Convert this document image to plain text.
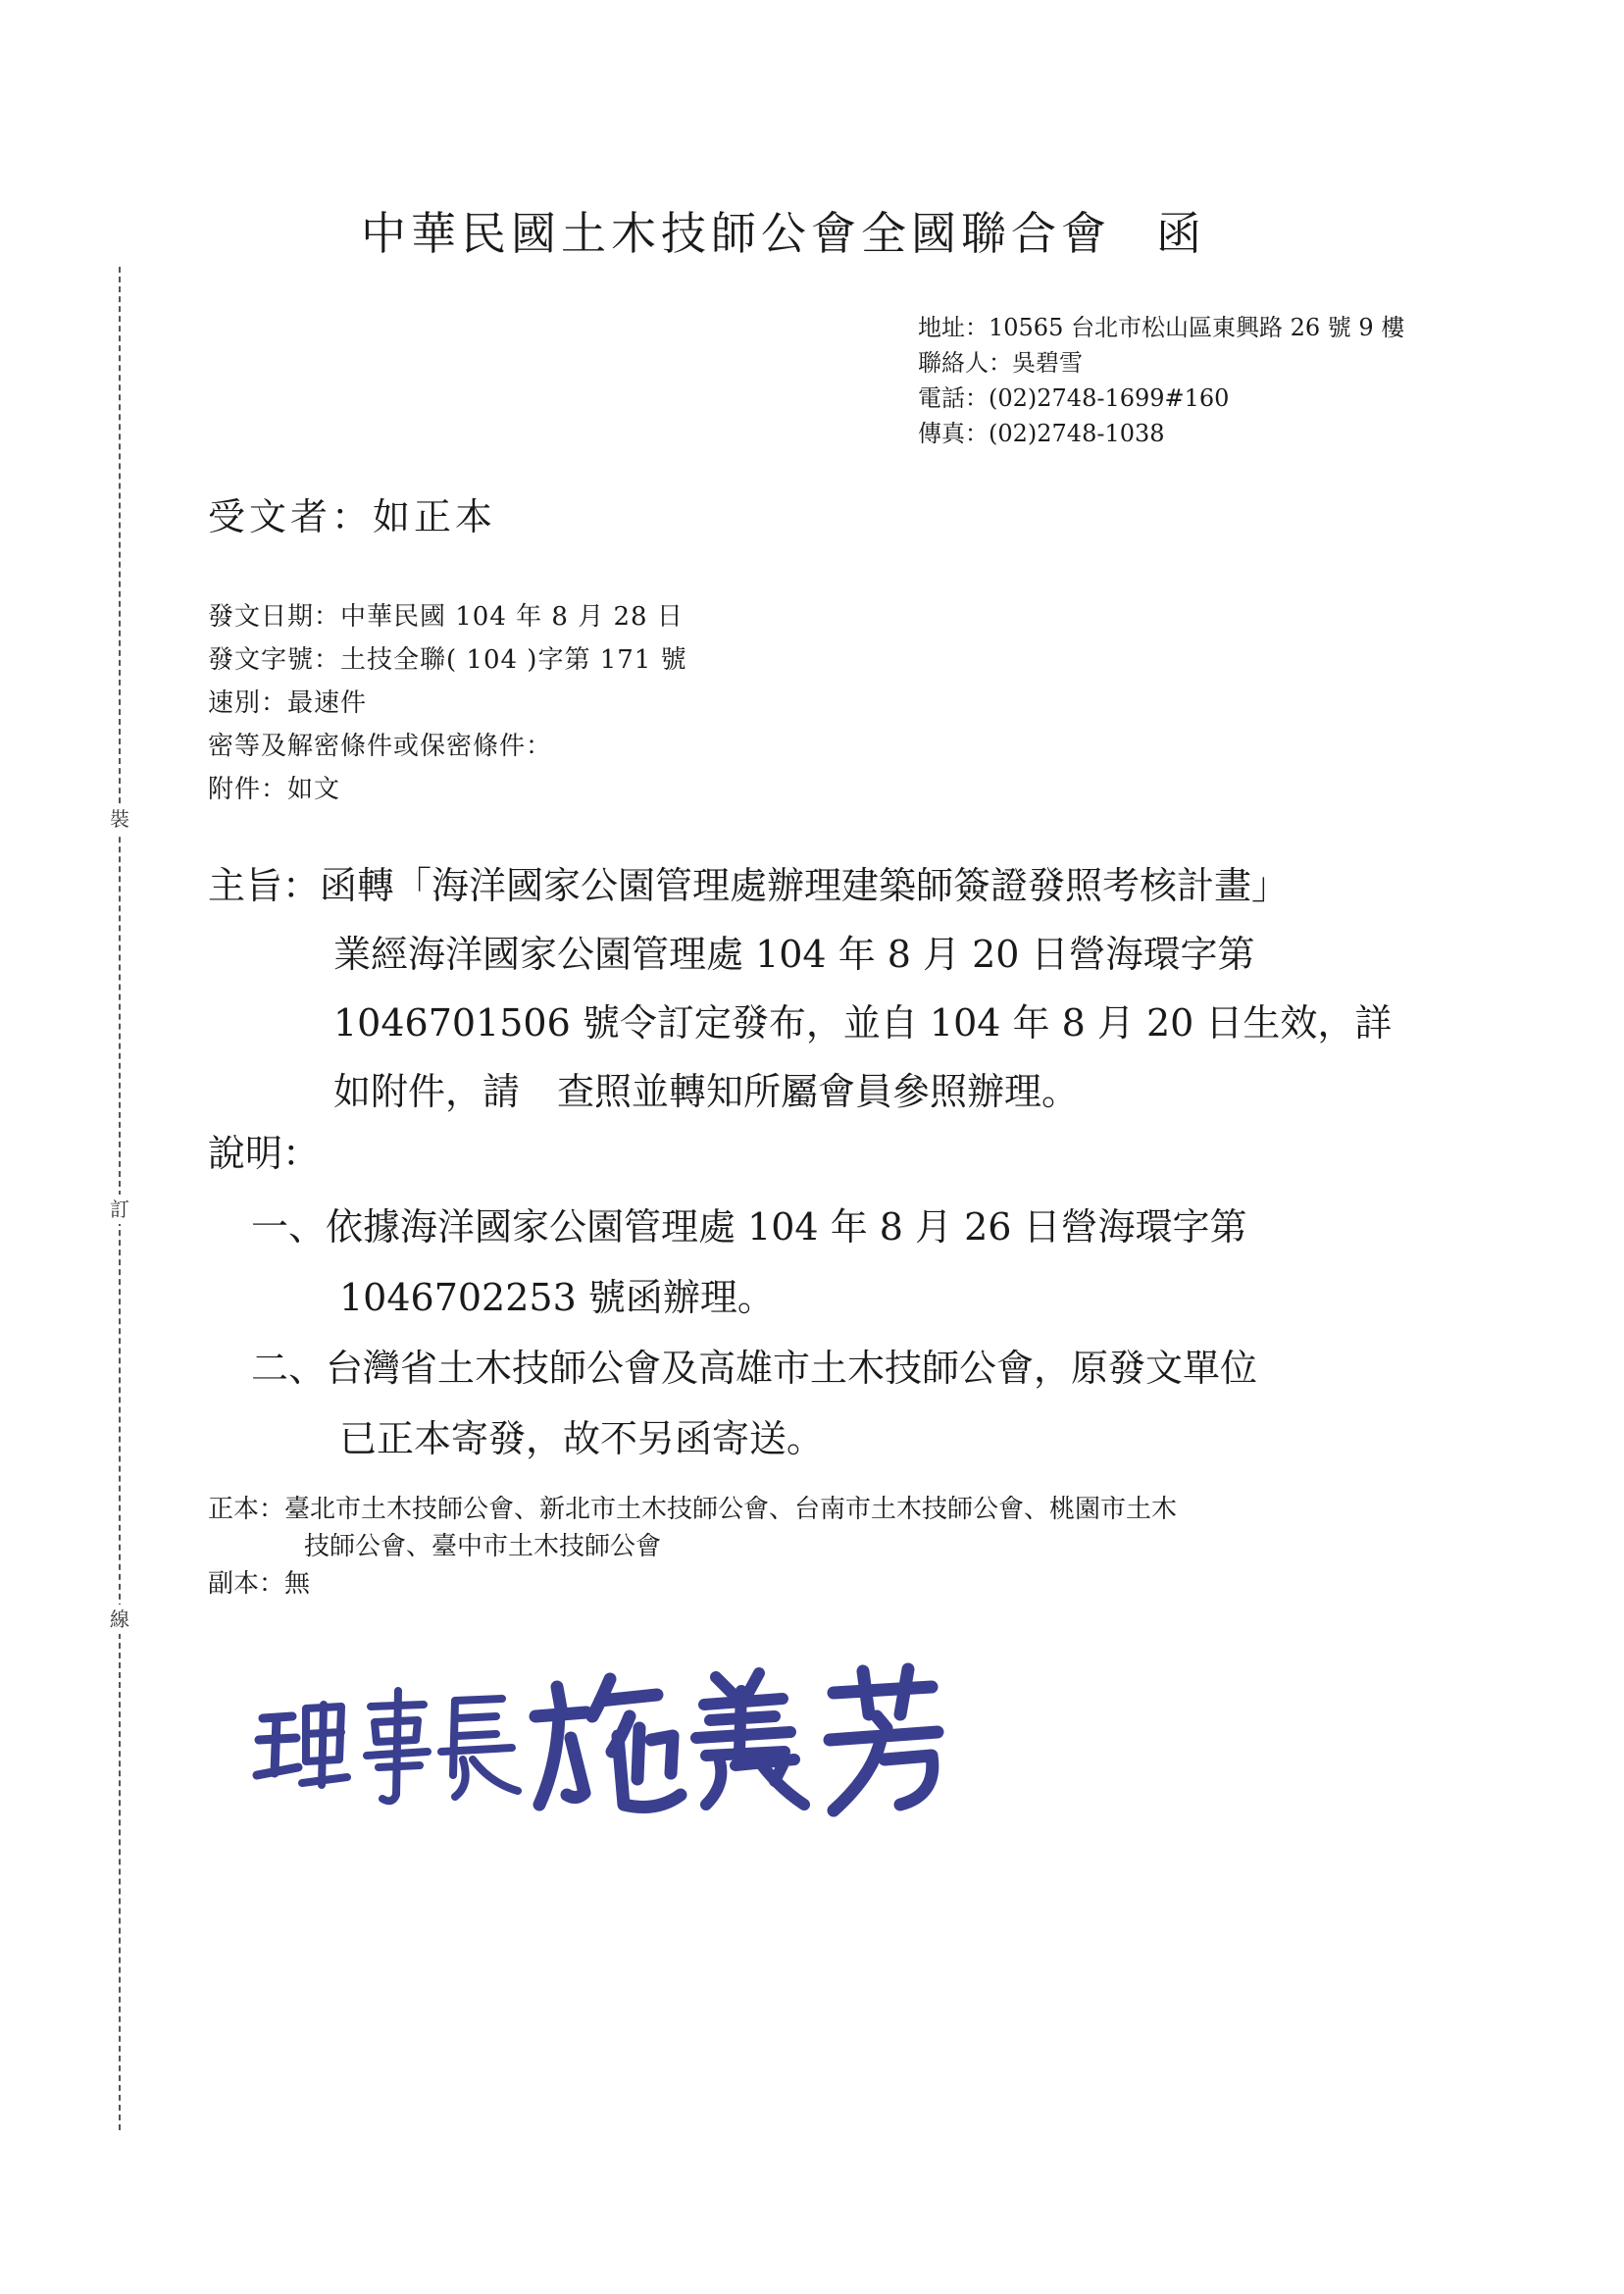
裝
訂
線
中華民國土木技師公會全國聯合會 函
地址：10565 台北市松山區東興路 26 號 9 樓
聯絡人：吳碧雪
電話：(02)2748-1699#160
傳真：(02)2748-1038
受文者：如正本
發文日期：中華民國 104 年 8 月 28 日
發文字號：土技全聯( 104 )字第 171 號
速別：最速件
密等及解密條件或保密條件：
附件：如文
主旨：函轉「海洋國家公園管理處辦理建築師簽證發照考核計畫」
業經海洋國家公園管理處 104 年 8 月 20 日營海環字第
1046701506 號令訂定發布，並自 104 年 8 月 20 日生效，詳
如附件，請　查照並轉知所屬會員參照辦理。
說明：
一、依據海洋國家公園管理處 104 年 8 月 26 日營海環字第
1046702253 號函辦理。
二、台灣省土木技師公會及高雄市土木技師公會，原發文單位
已正本寄發，故不另函寄送。
正本：臺北市土木技師公會、新北市土木技師公會、台南市土木技師公會、桃園市土木
技師公會、臺中市土木技師公會
副本：無
